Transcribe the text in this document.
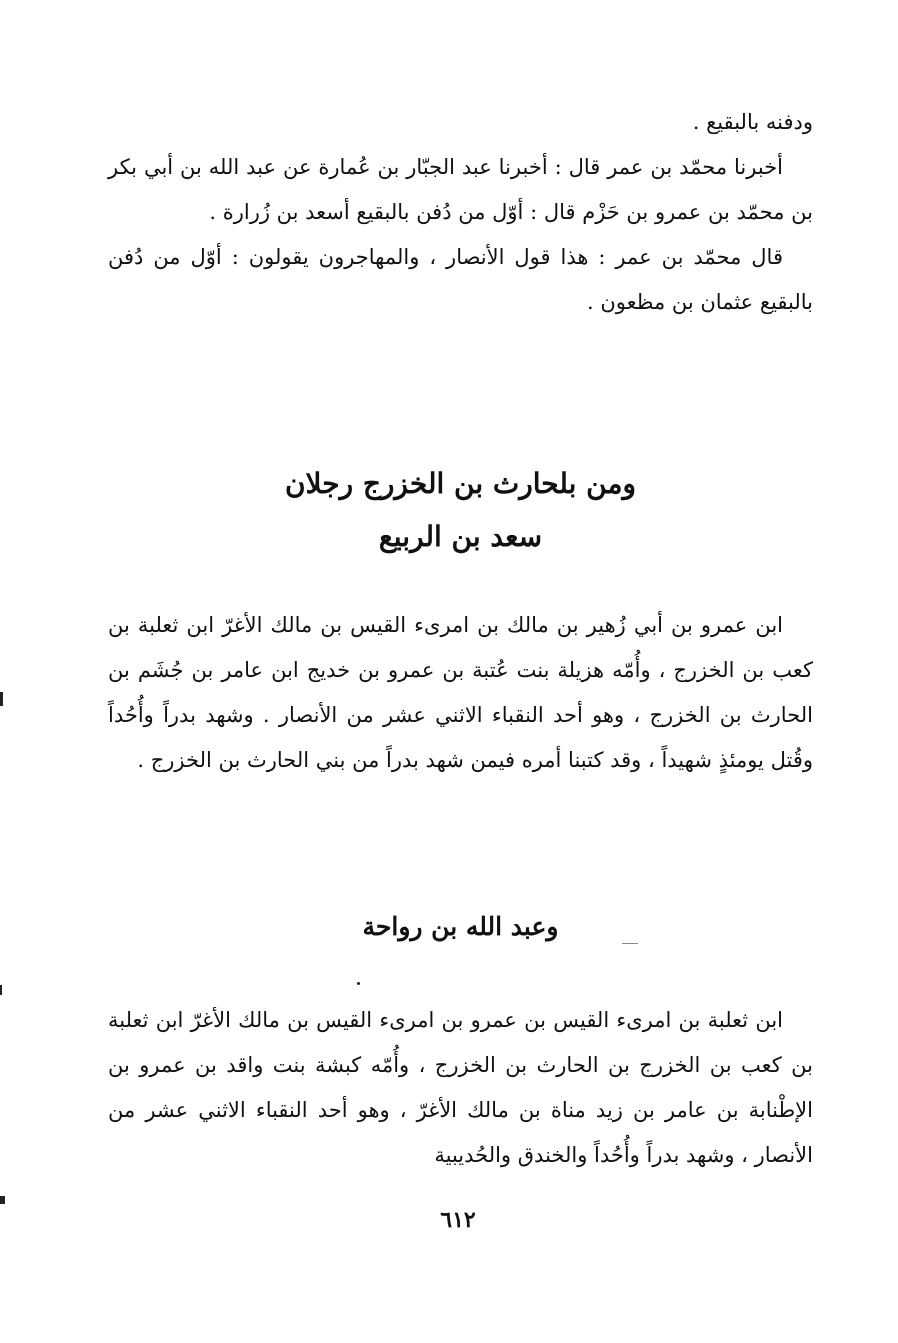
ودفنه بالبقيع .

أخبرنا محمّد بن عمر قال : أخبرنا عبد الجبّار بن عُمارة عن عبد الله بن أبي بكر بن محمّد بن عمرو بن حَزْم قال : أوّل من دُفن بالبقيع أسعد بن زُرارة .

قال محمّد بن عمر : هذا قول الأنصار ، والمهاجرون يقولون : أوّل من دُفن بالبقيع عثمان بن مظعون .

ومن بلحارث بن الخزرج رجلان
سعد بن الربيع

ابن عمرو بن أبي زُهير بن مالك بن امرىء القيس بن مالك الأغرّ ابن ثعلبة بن كعب بن الخزرج ، وأُمّه هزيلة بنت عُتبة بن عمرو بن خديج ابن عامر بن جُشَم بن الحارث بن الخزرج ، وهو أحد النقباء الاثني عشر من الأنصار . وشهد بدراً وأُحُداً وقُتل يومئذٍ شهيداً ، وقد كتبنا أمره فيمن شهد بدراً من بني الحارث بن الخزرج .

وعبد الله بن رواحة

ابن ثعلبة بن امرىء القيس بن عمرو بن امرىء القيس بن مالك الأغرّ ابن ثعلبة بن كعب بن الخزرج بن الحارث بن الخزرج ، وأُمّه كبشة بنت واقد بن عمرو بن الإطْنابة بن عامر بن زيد مناة بن مالك الأغرّ ، وهو أحد النقباء الاثني عشر من الأنصار ، وشهد بدراً وأُحُداً والخندق والحُديبية

٦١٢
